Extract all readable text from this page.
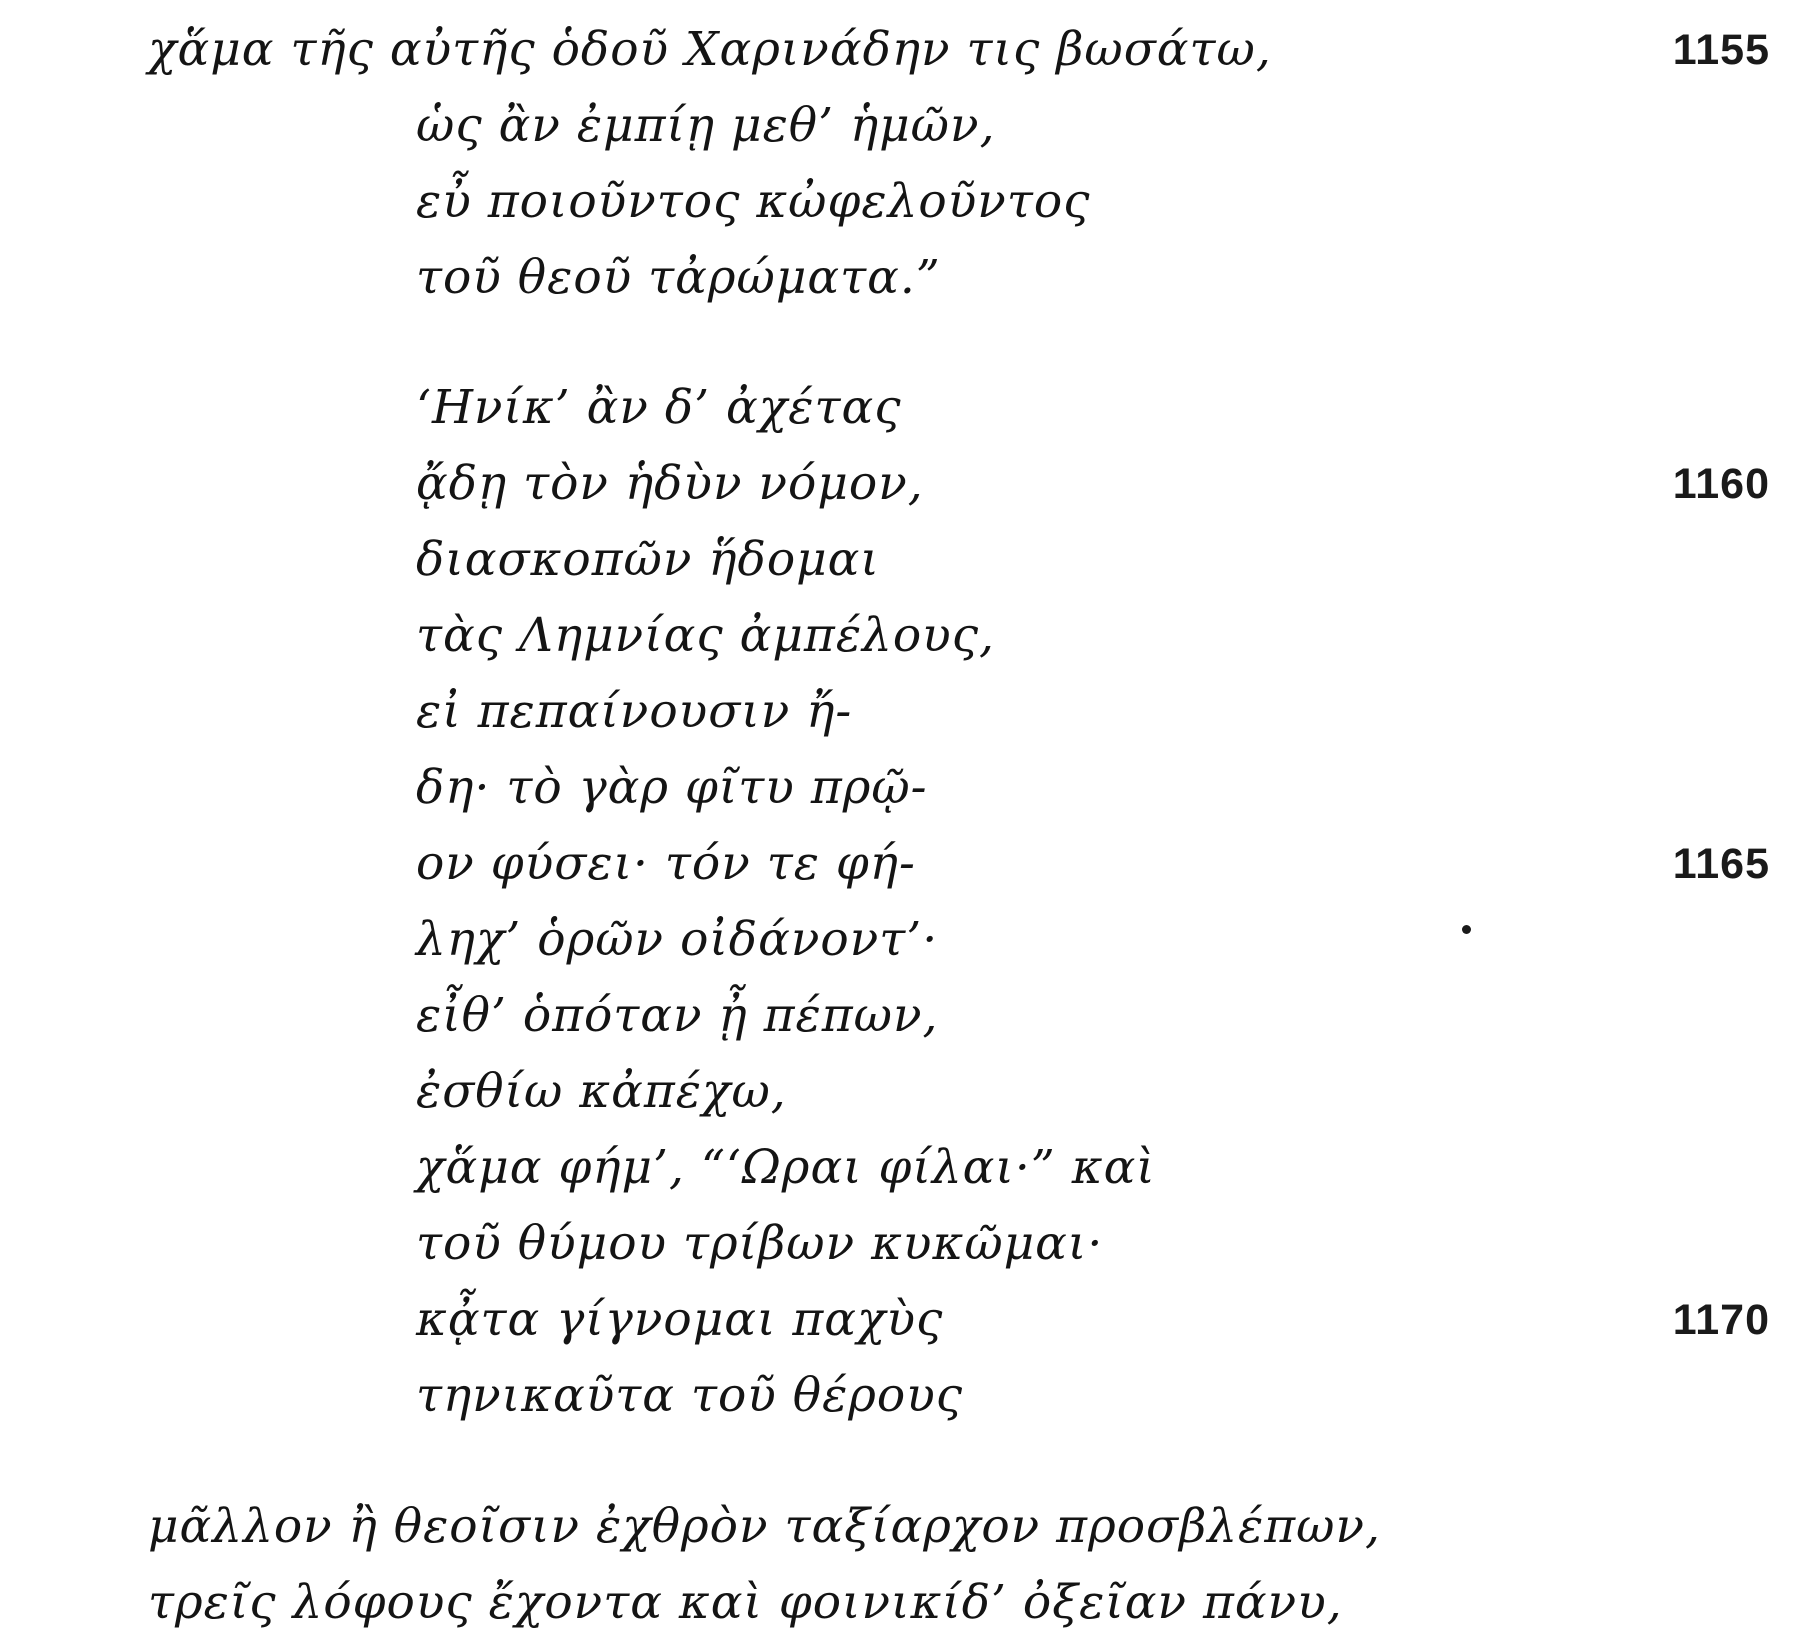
χἅμα τῆς αὐτῆς ὁδοῦ Χαρινάδην τις βωσάτω,
ὡς ἂν ἐμπίῃ μεθ’ ἡμῶν,
εὖ ποιοῦντος κὠφελοῦντος
τοῦ θεοῦ τἀρώματα.”
‘Ηνίκ’ ἂν δ’ ἀχέτας
ᾄδῃ τὸν ἡδὺν νόμον,
διασκοπῶν ἥδομαι
τὰς Λημνίας ἀμπέλους,
εἰ πεπαίνουσιν ἤ-
δη· τὸ γὰρ φῖτυ πρῷ-
ον φύσει· τόν τε φή-
ληχ’ ὁρῶν οἰδάνοντ’·
εἶθ’ ὁπόταν ᾖ πέπων,
ἐσθίω κἀπέχω,
χἅμα φήμ’, “‘Ωραι φίλαι·” καὶ
τοῦ θύμου τρίβων κυκῶμαι·
κᾆτα γίγνομαι παχὺς
τηνικαῦτα τοῦ θέρους
μᾶλλον ἢ θεοῖσιν ἐχθρὸν ταξίαρχον προσβλέπων,
τρεῖς λόφους ἔχοντα καὶ φοινικίδ’ ὀξεῖαν πάνυ,
1155
1160
1165
1170
